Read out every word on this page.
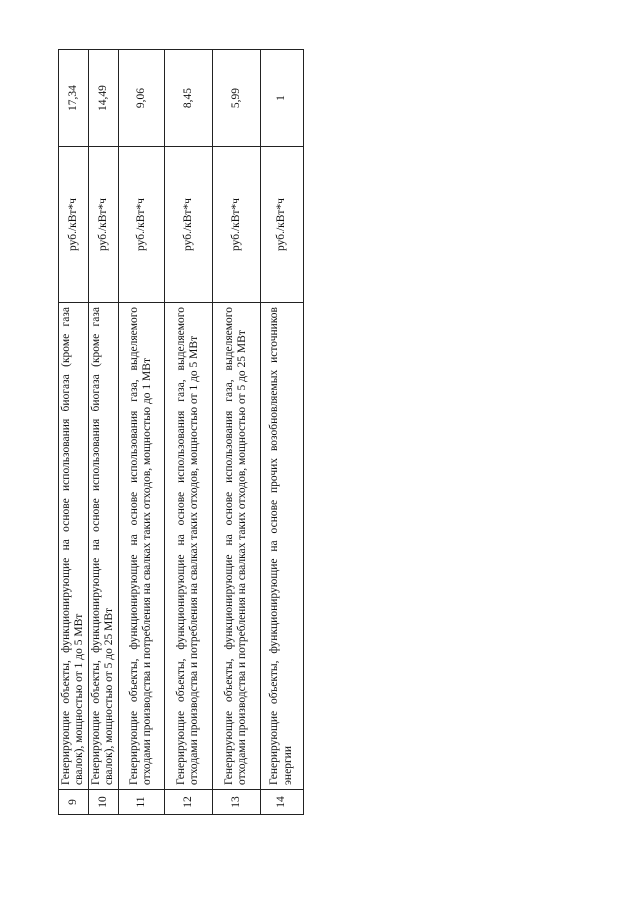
9	Генерирующие объекты, функционирующие на основе использования биогаза (кроме газа свалок), мощностью от 1 до 5 МВт	руб./кВт*ч	17,34
10	Генерирующие объекты, функционирующие на основе использования биогаза (кроме газа свалок), мощностью от 5 до 25 МВт	руб./кВт*ч	14,49
11	Генерирующие объекты, функционирующие на основе использования газа, выделяемого отходами производства и потребления на свалках таких отходов, мощностью до 1 МВт	руб./кВт*ч	9,06
12	Генерирующие объекты, функционирующие на основе использования газа, выделяемого отходами производства и потребления на свалках таких отходов, мощностью от 1 до 5 МВт	руб./кВт*ч	8,45
13	Генерирующие объекты, функционирующие на основе использования газа, выделяемого отходами производства и потребления на свалках таких отходов, мощностью от 5 до 25 МВт	руб./кВт*ч	5,99
14	Генерирующие объекты, функционирующие на основе прочих возобновляемых источников энергии	руб./кВт*ч	1
